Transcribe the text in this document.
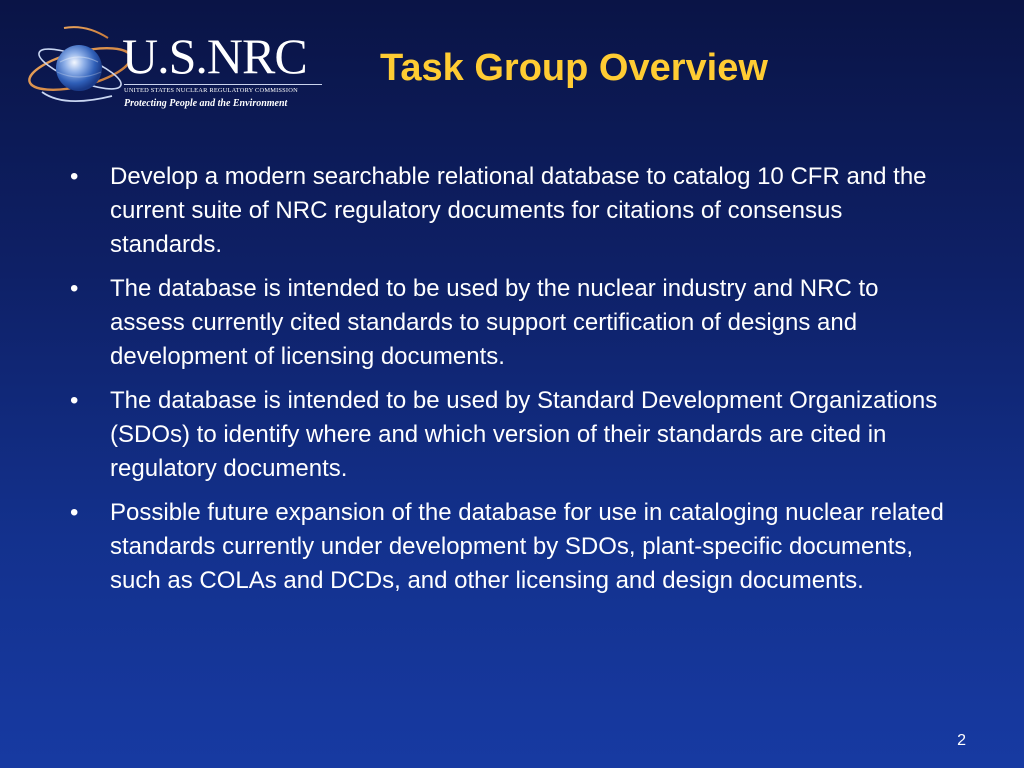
U.S.NRC
UNITED STATES NUCLEAR REGULATORY COMMISSION
Protecting People and the Environment
Task Group Overview
•	Develop a modern searchable relational database to catalog 10 CFR and the current suite of NRC regulatory documents for citations of consensus standards.
•	The database is intended to be used by the nuclear industry and NRC to assess currently cited standards to support certification of designs and development of licensing documents.
•	The database is intended to be used by Standard Development Organizations (SDOs) to identify where and which version of their standards are cited in regulatory documents.
•	Possible future expansion of the database for use in cataloging nuclear related standards currently under development by SDOs, plant-specific documents, such as COLAs and DCDs, and other licensing and design documents.
2
